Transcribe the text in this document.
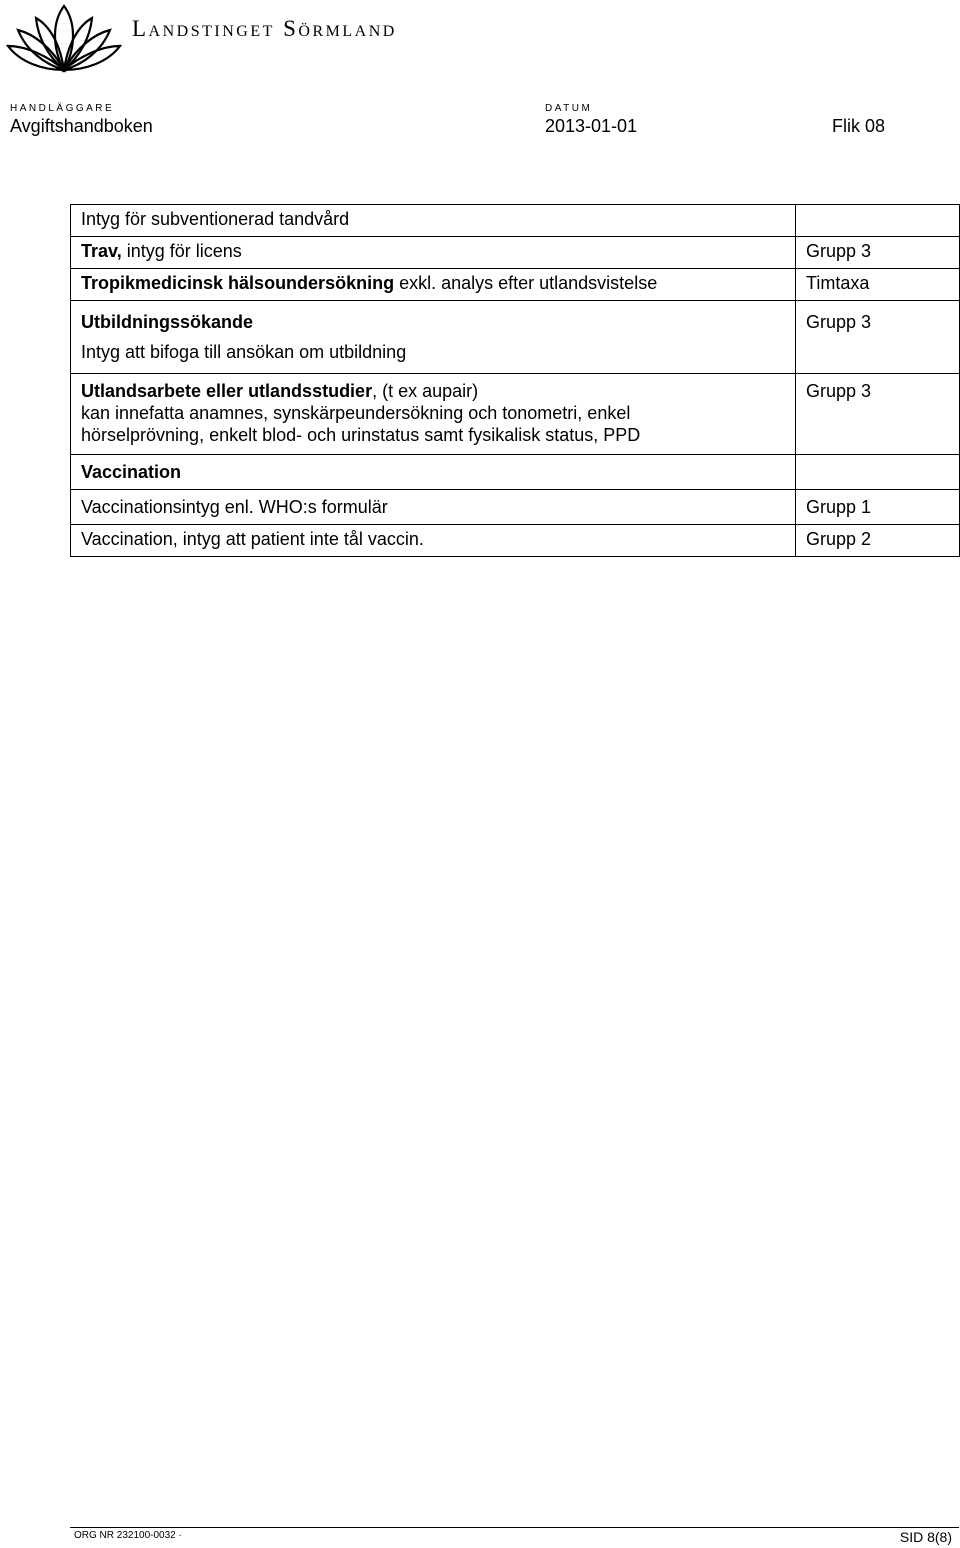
Landstinget Sörmland
HANDLÄGGARE
Avgiftshandboken
DATUM
2013-01-01	Flik 08
Intyg för subventionerad tandvård	

Trav, intyg för licens	Grupp 3

Tropikmedicinsk hälsoundersökning exkl. analys efter utlandsvistelse	Timtaxa

Utbildningssökande
Intyg att bifoga till ansökan om utbildning	Grupp 3

Utlandsarbete eller utlandsstudier, (t ex aupair)
kan innefatta anamnes, synskärpeundersökning och tonometri, enkel
hörselprövning, enkelt blod- och urinstatus samt fysikalisk status, PPD	Grupp 3

Vaccination	

Vaccinationsintyg enl. WHO:s formulär	Grupp 1

Vaccination, intyg att patient inte tål vaccin.	Grupp 2
ORG NR 232100-0032 ·	SID 8(8)
